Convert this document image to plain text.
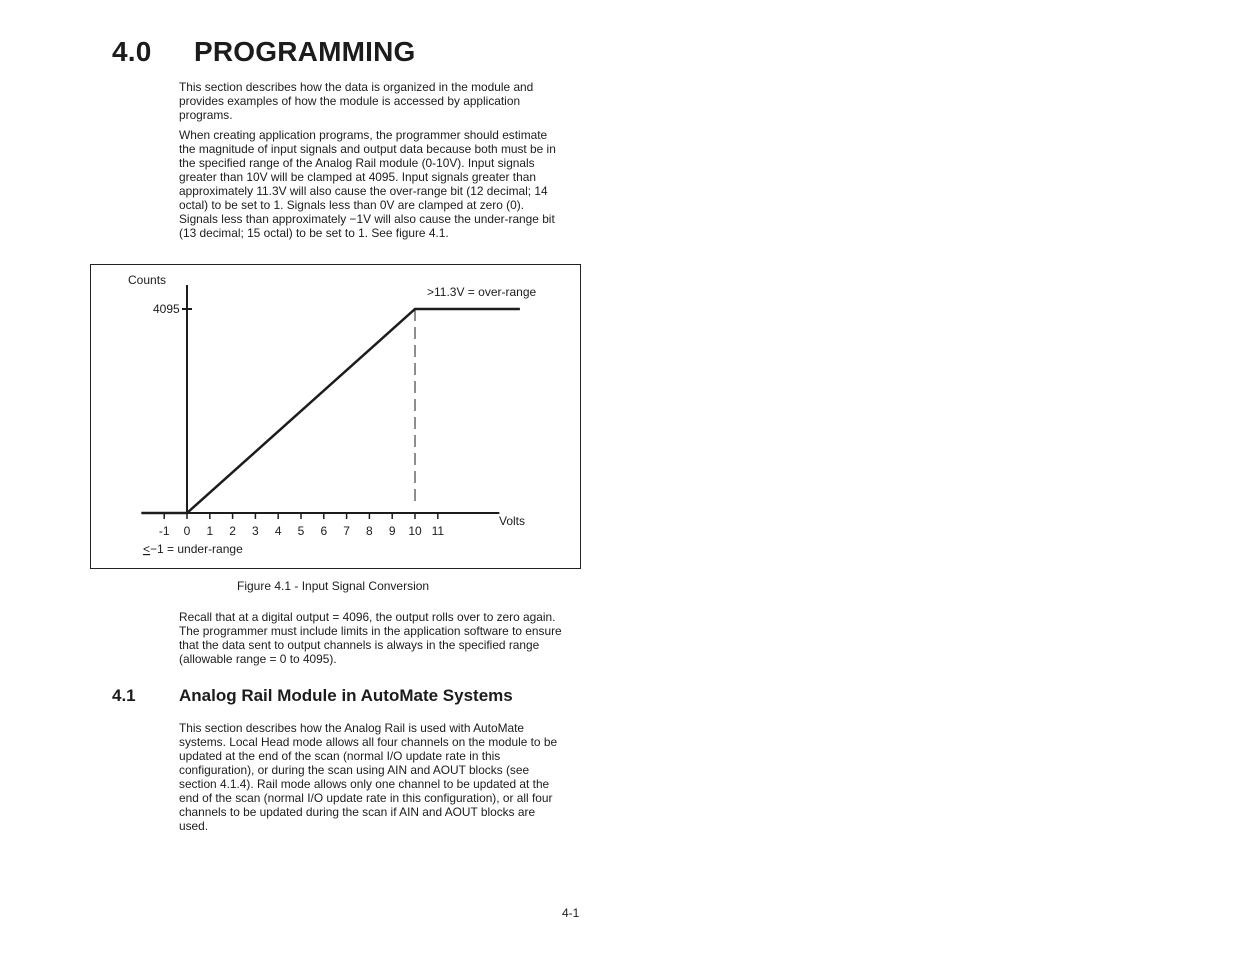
4.0 PROGRAMMING

This section describes how the data is organized in the module and provides examples of how the module is accessed by application programs.

When creating application programs, the programmer should estimate the magnitude of input signals and output data because both must be in the specified range of the Analog Rail module (0-10V). Input signals greater than 10V will be clamped at 4095. Input signals greater than approximately 11.3V will also cause the over-range bit (12 decimal; 14 octal) to be set to 1. Signals less than 0V are clamped at zero (0). Signals less than approximately −1V will also cause the under-range bit (13 decimal; 15 octal) to be set to 1. See figure 4.1.

Counts
4095
>11.3V = over-range
Volts
<−1 = under-range
-1 0 1 2 3 4 5 6 7 8 9 10 11

Figure 4.1 - Input Signal Conversion

Recall that at a digital output = 4096, the output rolls over to zero again. The programmer must include limits in the application software to ensure that the data sent to output channels is always in the specified range (allowable range = 0 to 4095).

4.1	Analog Rail Module in AutoMate Systems

This section describes how the Analog Rail is used with AutoMate systems. Local Head mode allows all four channels on the module to be updated at the end of the scan (normal I/O update rate in this configuration), or during the scan using AIN and AOUT blocks (see section 4.1.4). Rail mode allows only one channel to be updated at the end of the scan (normal I/O update rate in this configuration), or all four channels to be updated during the scan if AIN and AOUT blocks are used.

4-1
